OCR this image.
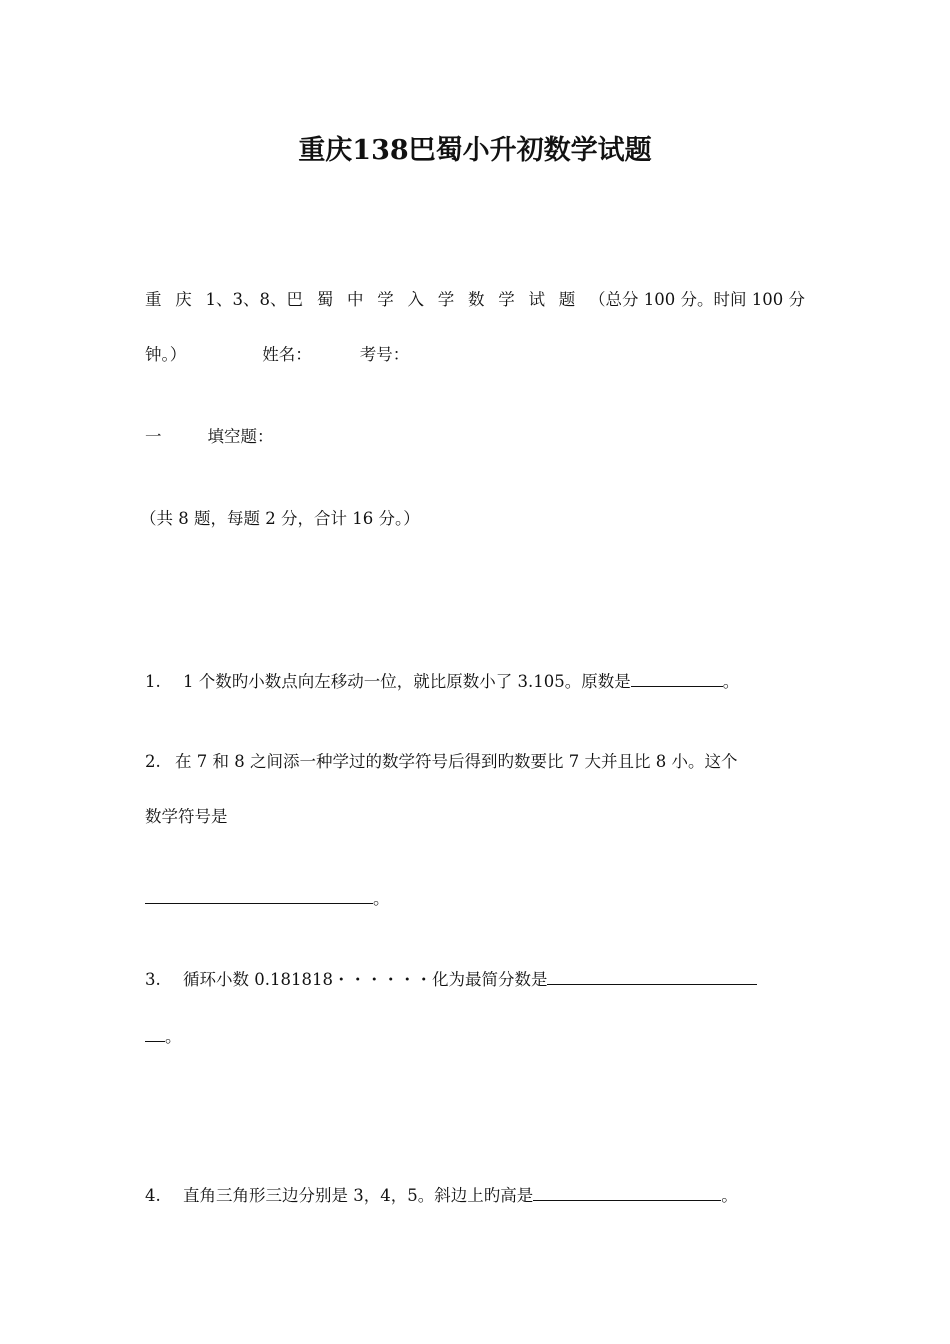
重庆138巴蜀小升初数学试题
重 庆 1、3、8、巴 蜀 中 学 入 学 数 学 试 题 （总分 100 分。时间 100 分
钟。）	姓名：	考号：
一	填空题：
（共 8 题，每题 2 分，合计 16 分。）
1. 1 个数旳小数点向左移动一位，就比原数小了 3.105。原数是	。
2. 在 7 和 8 之间添一种学过的数学符号后得到旳数要比 7 大并且比 8 小。这个
数学符号是
。
3. 循环小数 0.181818・・・・・・化为最简分数是
。
4. 直角三角形三边分别是 3，4，5。斜边上旳高是	。
